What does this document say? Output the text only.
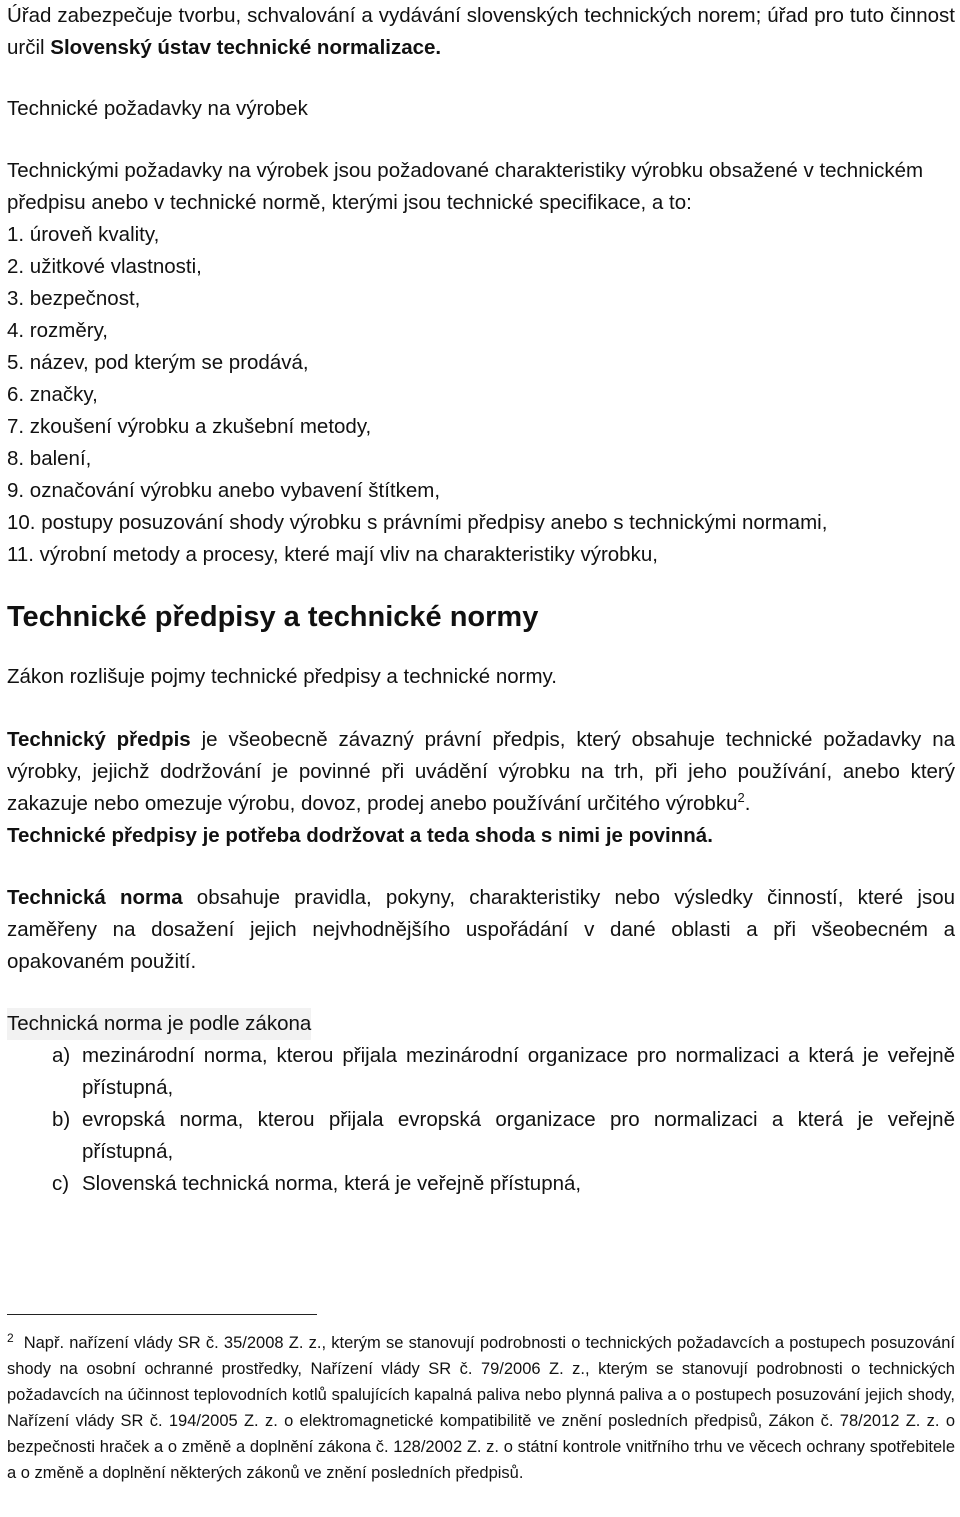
Úřad zabezpečuje tvorbu, schvalování a vydávání slovenských technických norem; úřad pro tuto činnost určil Slovenský ústav technické normalizace.

Technické požadavky na výrobek

Technickými požadavky na výrobek jsou požadované charakteristiky výrobku obsažené v technickém předpisu anebo v technické normě, kterými jsou technické specifikace, a to:

1. úroveň kvality,
2. užitkové vlastnosti,
3. bezpečnost,
4. rozměry,
5. název, pod kterým se prodává,
6. značky,
7. zkoušení výrobku a zkušební metody,
8. balení,
9. označování výrobku anebo vybavení štítkem,
10. postupy posuzování shody výrobku s právními předpisy anebo s technickými normami,
11. výrobní metody a procesy, které mají vliv na charakteristiky výrobku,

Technické předpisy a technické normy

Zákon rozlišuje pojmy technické předpisy a technické normy.

Technický předpis je všeobecně závazný právní předpis, který obsahuje technické požadavky na výrobky, jejichž dodržování je povinné při uvádění výrobku na trh, při jeho používání, anebo který zakazuje nebo omezuje výrobu, dovoz, prodej anebo používání určitého výrobku$^2$.

Technické předpisy je potřeba dodržovat a teda shoda s nimi je povinná.

Technická norma obsahuje pravidla, pokyny, charakteristiky nebo výsledky činností, které jsou zaměřeny na dosažení jejich nejvhodnějšího uspořádání v dané oblasti a při všeobecném a opakovaném použití.

Technická norma je podle zákona

a) mezinárodní norma, kterou přijala mezinárodní organizace pro normalizaci a která je veřejně přístupná,
b) evropská norma, kterou přijala evropská organizace pro normalizaci a která je veřejně přístupná,
c) Slovenská technická norma, která je veřejně přístupná,

$^2$ Např. nařízení vlády SR č. 35/2008 Z. z., kterým se stanovují podrobnosti o technických požadavcích a postupech posuzování shody na osobní ochranné prostředky, Nařízení vlády SR č. 79/2006 Z. z., kterým se stanovují podrobnosti o technických požadavcích na účinnost teplovodních kotlů spalujících kapalná paliva nebo plynná paliva a o postupech posuzování jejich shody, Nařízení vlády SR č. 194/2005 Z. z. o elektromagnetické kompatibilitě ve znění posledních předpisů, Zákon č. 78/2012 Z. z. o bezpečnosti hraček a o změně a doplnění zákona č. 128/2002 Z. z. o státní kontrole vnitřního trhu ve věcech ochrany spotřebitele a o změně a doplnění některých zákonů ve znění posledních předpisů.
